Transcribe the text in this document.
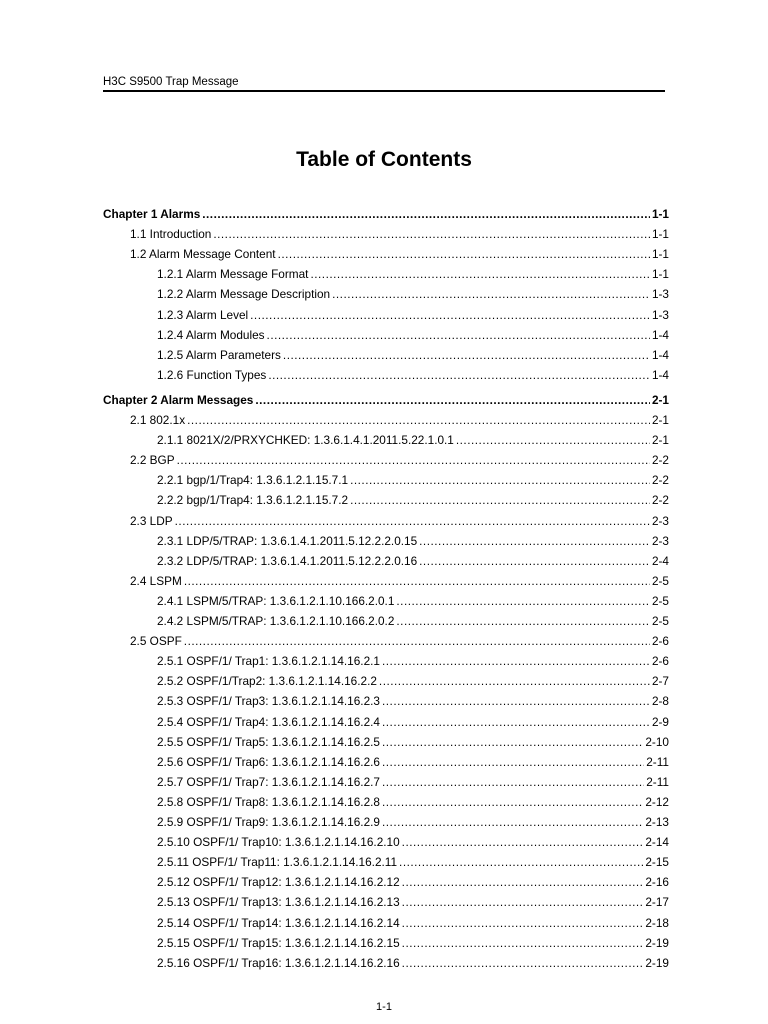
H3C S9500 Trap Message
Table of Contents
Chapter 1 Alarms .....	1-1
1.1 Introduction .....	1-1
1.2 Alarm Message Content .....	1-1
1.2.1 Alarm Message Format .....	1-1
1.2.2 Alarm Message Description .....	1-3
1.2.3 Alarm Level .....	1-3
1.2.4 Alarm Modules .....	1-4
1.2.5 Alarm Parameters .....	1-4
1.2.6 Function Types .....	1-4
Chapter 2 Alarm Messages .....	2-1
2.1 802.1x .....	2-1
2.1.1 8021X/2/PRXYCHKED: 1.3.6.1.4.1.2011.5.22.1.0.1 .....	2-1
2.2 BGP .....	2-2
2.2.1 bgp/1/Trap4: 1.3.6.1.2.1.15.7.1 .....	2-2
2.2.2 bgp/1/Trap4: 1.3.6.1.2.1.15.7.2 .....	2-2
2.3 LDP .....	2-3
2.3.1 LDP/5/TRAP: 1.3.6.1.4.1.2011.5.12.2.2.0.15 .....	2-3
2.3.2 LDP/5/TRAP: 1.3.6.1.4.1.2011.5.12.2.2.0.16 .....	2-4
2.4 LSPM .....	2-5
2.4.1 LSPM/5/TRAP: 1.3.6.1.2.1.10.166.2.0.1 .....	2-5
2.4.2 LSPM/5/TRAP: 1.3.6.1.2.1.10.166.2.0.2 .....	2-5
2.5 OSPF .....	2-6
2.5.1 OSPF/1/ Trap1: 1.3.6.1.2.1.14.16.2.1 .....	2-6
2.5.2 OSPF/1/Trap2: 1.3.6.1.2.1.14.16.2.2 .....	2-7
2.5.3 OSPF/1/ Trap3: 1.3.6.1.2.1.14.16.2.3 .....	2-8
2.5.4 OSPF/1/ Trap4: 1.3.6.1.2.1.14.16.2.4 .....	2-9
2.5.5 OSPF/1/ Trap5: 1.3.6.1.2.1.14.16.2.5 .....	2-10
2.5.6 OSPF/1/ Trap6: 1.3.6.1.2.1.14.16.2.6 .....	2-11
2.5.7 OSPF/1/ Trap7: 1.3.6.1.2.1.14.16.2.7 .....	2-11
2.5.8 OSPF/1/ Trap8: 1.3.6.1.2.1.14.16.2.8 .....	2-12
2.5.9 OSPF/1/ Trap9: 1.3.6.1.2.1.14.16.2.9 .....	2-13
2.5.10 OSPF/1/ Trap10: 1.3.6.1.2.1.14.16.2.10 .....	2-14
2.5.11 OSPF/1/ Trap11: 1.3.6.1.2.1.14.16.2.11 .....	2-15
2.5.12 OSPF/1/ Trap12: 1.3.6.1.2.1.14.16.2.12 .....	2-16
2.5.13 OSPF/1/ Trap13: 1.3.6.1.2.1.14.16.2.13 .....	2-17
2.5.14 OSPF/1/ Trap14: 1.3.6.1.2.1.14.16.2.14 .....	2-18
2.5.15 OSPF/1/ Trap15: 1.3.6.1.2.1.14.16.2.15 .....	2-19
2.5.16 OSPF/1/ Trap16: 1.3.6.1.2.1.14.16.2.16 .....	2-19
1-1
